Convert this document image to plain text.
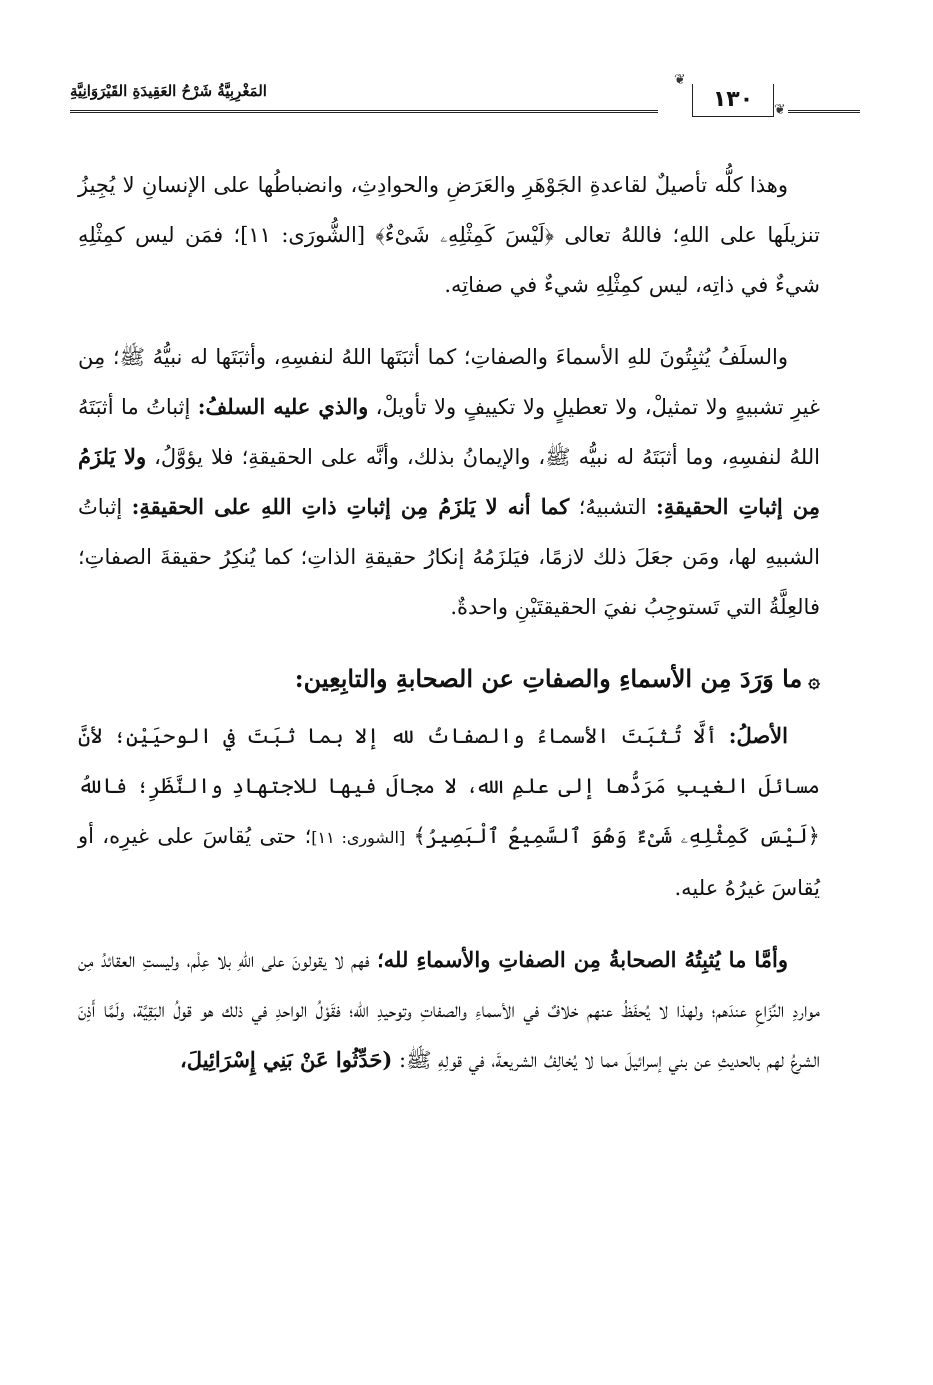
المَغْرِبِيَّةُ شَرْحُ العَقِيدَةِ القَيْرَوَانِيَّةِ
❦
١٣٠	❦

وهذا كلُّه تأصيلٌ لقاعدةِ الجَوْهَرِ والعَرَضِ والحوادِثِ، وانضباطُها على الإنسانِ لا يُجِيزُ تنزيلَها على اللهِ؛ فاللهُ تعالى ﴿لَيْسَ كَمِثْلِهِۦ شَىْءٌ﴾ [الشُّورَى: ١١]؛ فمَن ليس كمِثْلِهِ شيءٌ في ذاتِه، ليس كمِثْلِهِ شيءٌ في صفاتِه.

والسلَفُ يُثبِتُونَ للهِ الأسماءَ والصفاتِ؛ كما أثبَتَها اللهُ لنفسِهِ، وأثبَتَها له نبيُّهُ ﷺ؛ مِن غيرِ تشبيهٍ ولا تمثيلْ، ولا تعطيلٍ ولا تكييفٍ ولا تأويلْ، والذي عليه السلفُ: إثباتُ ما أثبَتَهُ اللهُ لنفسِهِ، وما أثبَتَهُ له نبيُّه ﷺ، والإيمانُ بذلك، وأنَّه على الحقيقةِ؛ فلا يؤوَّلُ، ولا يَلزَمُ مِن إثباتِ الحقيقةِ: التشبيهُ؛ كما أنه لا يَلزَمُ مِن إثباتِ ذاتِ اللهِ على الحقيقةِ: إثباتُ الشبيهِ لها، ومَن جعَلَ ذلك لازمًا، فيَلزَمُهُ إنكارُ حقيقةِ الذاتِ؛ كما يُنكِرُ حقيقةَ الصفاتِ؛ فالعِلَّةُ التي تَستوجِبُ نفيَ الحقيقتَيْنِ واحدةٌ.

۞ما وَرَدَ مِن الأسماءِ والصفاتِ عن الصحابةِ والتابِعِين:

الأصلُ: ألَّا تُثبَتَ الأسماءُ والصفاتُ لله إلا بما ثبَتَ في الوحيَيْنِ؛ لأنَّ مسائلَ الغيبِ مَرَدُّها إلى علمِ الله، لا مجالَ فيها للاجتهادِ والنَّظَرِ؛ فاللهُ ﴿لَيْسَ كَمِثْلِهِۦ شَىْءٌ وَهُوَ ٱلسَّمِيعُ ٱلْبَصِيرُ﴾ [الشورى: ١١]؛ حتى يُقاسَ على غيرِه، أو يُقاسَ غيرُهُ عليه.

وأمَّا ما يُثبِتُهُ الصحابةُ مِن الصفاتِ والأسماءِ لله؛ فهم لا يقولونَ على اللهِ بلا عِلْم، وليستِ العقائدُ مِن مواردِ النِّزَاعِ عندَهم؛ ولهذا لا يُحفَظُ عنهم خلافٌ في الأسماءِ والصفاتِ وتوحيدِ الله؛ فقَوْلُ الواحدِ في ذلك هو قولُ البَقِيَّة، ولَمَّا أَذِنَ الشرعُ لهم بالحديثِ عن بني إسرائيلَ مما لا يُخالِفُ الشريعةَ، في قولِهِ ﷺ: (حَدِّثُوا عَنْ بَنِي إِسْرَائِيلَ،
